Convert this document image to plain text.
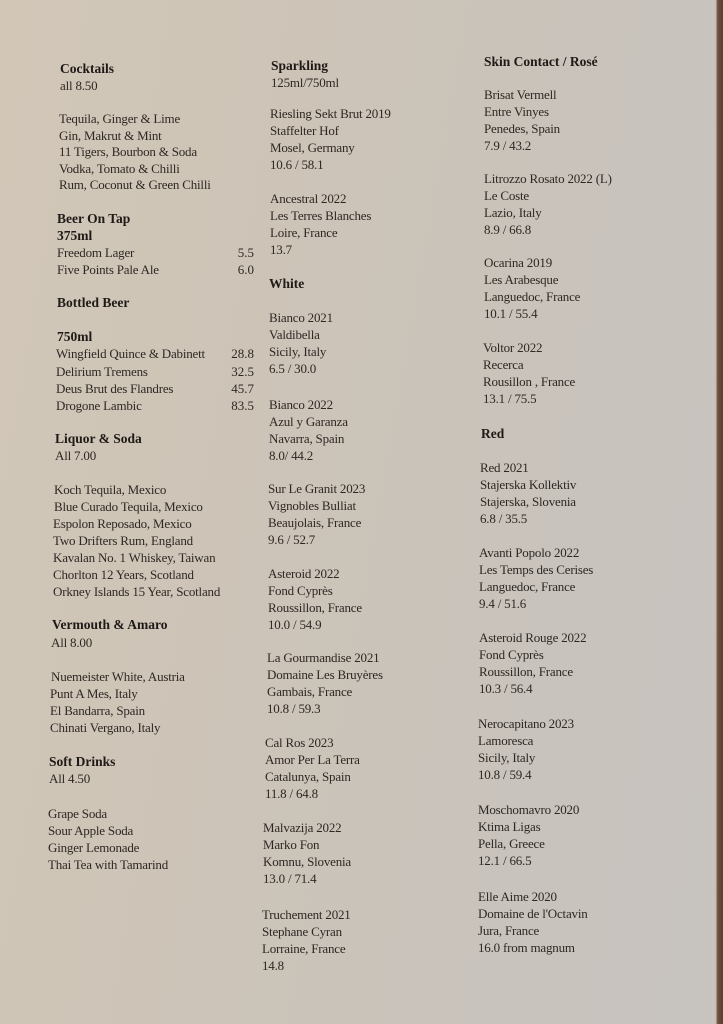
Cocktails
all 8.50
Tequila, Ginger & Lime
Gin, Makrut & Mint
11 Tigers, Bourbon & Soda
Vodka, Tomato & Chilli
Rum, Coconut & Green Chilli
Beer On Tap
375ml
Freedom Lager	5.5
Five Points Pale Ale	6.0
Bottled Beer
750ml
Wingfield Quince & Dabinett	28.8
Delirium Tremens	32.5
Deus Brut des Flandres	45.7
Drogone Lambic	83.5
Liquor & Soda
All 7.00
Koch Tequila, Mexico
Blue Curado Tequila, Mexico
Espolon Reposado, Mexico
Two Drifters Rum, England
Kavalan No. 1 Whiskey, Taiwan
Chorlton 12 Years, Scotland
Orkney Islands 15 Year, Scotland
Vermouth & Amaro
All 8.00
Nuemeister White, Austria
Punt A Mes, Italy
El Bandarra, Spain
Chinati Vergano, Italy
Soft Drinks
All 4.50
Grape Soda
Sour Apple Soda
Ginger Lemonade
Thai Tea with Tamarind
Sparkling
125ml/750ml
Riesling Sekt Brut 2019
Staffelter Hof
Mosel, Germany
10.6 / 58.1
Ancestral 2022
Les Terres Blanches
Loire, France
13.7
White
Bianco 2021
Valdibella
Sicily, Italy
6.5 / 30.0
Bianco 2022
Azul y Garanza
Navarra, Spain
8.0/ 44.2
Sur Le Granit 2023
Vignobles Bulliat
Beaujolais, France
9.6 / 52.7
Asteroid 2022
Fond Cyprès
Roussillon, France
10.0 / 54.9
La Gourmandise 2021
Domaine Les Bruyères
Gambais, France
10.8 / 59.3
Cal Ros 2023
Amor Per La Terra
Catalunya, Spain
11.8 / 64.8
Malvazija 2022
Marko Fon
Komnu, Slovenia
13.0 / 71.4
Truchement 2021
Stephane Cyran
Lorraine, France
14.8
Skin Contact / Rosé
Brisat Vermell
Entre Vinyes
Penedes, Spain
7.9 / 43.2
Litrozzo Rosato 2022 (L)
Le Coste
Lazio, Italy
8.9 / 66.8
Ocarina 2019
Les Arabesque
Languedoc, France
10.1 / 55.4
Voltor 2022
Recerca
Rousillon , France
13.1 / 75.5
Red
Red 2021
Stajerska Kollektiv
Stajerska, Slovenia
6.8 / 35.5
Avanti Popolo 2022
Les Temps des Cerises
Languedoc, France
9.4 / 51.6
Asteroid Rouge 2022
Fond Cyprès
Roussillon, France
10.3 / 56.4
Nerocapitano 2023
Lamoresca
Sicily, Italy
10.8 / 59.4
Moschomavro 2020
Ktima Ligas
Pella, Greece
12.1 / 66.5
Elle Aime 2020
Domaine de l'Octavin
Jura, France
16.0 from magnum
